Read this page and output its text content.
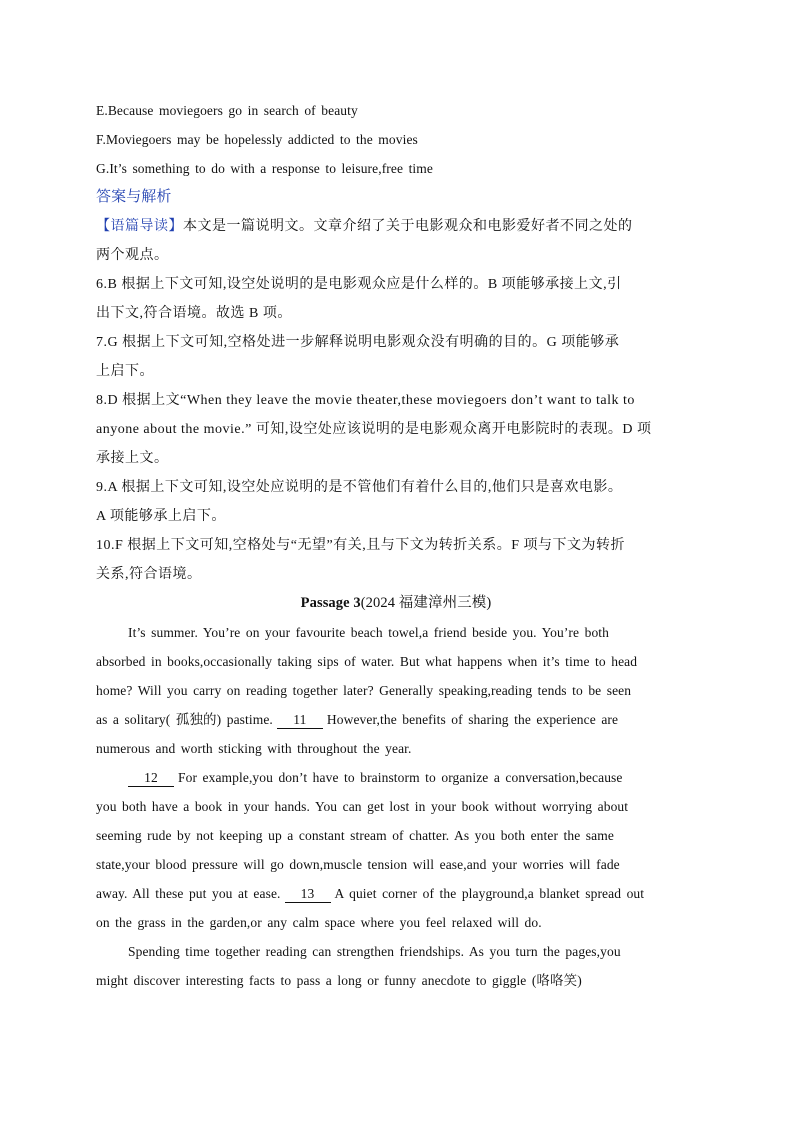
E.Because moviegoers go in search of beauty
F.Moviegoers may be hopelessly addicted to the movies
G.It’s something to do with a response to leisure,free time
答案与解析
【语篇导读】本文是一篇说明文。文章介绍了关于电影观众和电影爱好者不同之处的
两个观点。
6.B 根据上下文可知,设空处说明的是电影观众应是什么样的。B 项能够承接上文,引
出下文,符合语境。故选 B 项。
7.G 根据上下文可知,空格处进一步解释说明电影观众没有明确的目的。G 项能够承
上启下。
8.D 根据上文“When they leave the movie theater,these moviegoers don’t want to talk to
anyone about the movie.” 可知,设空处应该说明的是电影观众离开电影院时的表现。D 项
承接上文。
9.A 根据上下文可知,设空处应说明的是不管他们有着什么目的,他们只是喜欢电影。
A 项能够承上启下。
10.F 根据上下文可知,空格处与“无望”有关,且与下文为转折关系。F 项与下文为转折
关系,符合语境。
Passage 3(2024 福建漳州三模)
It’s summer. You’re on your favourite beach towel,a friend beside you. You’re both
absorbed in books,occasionally taking sips of water. But what happens when it’s time to head
home? Will you carry on reading together later? Generally speaking,reading tends to be seen
as a solitary( 孤独的) pastime. 11 However,the benefits of sharing the experience are
numerous and worth sticking with throughout the year.
12 For example,you don’t have to brainstorm to organize a conversation,because
you both have a book in your hands. You can get lost in your book without worrying about
seeming rude by not keeping up a constant stream of chatter. As you both enter the same
state,your blood pressure will go down,muscle tension will ease,and your worries will fade
away. All these put you at ease. 13 A quiet corner of the playground,a blanket spread out
on the grass in the garden,or any calm space where you feel relaxed will do.
Spending time together reading can strengthen friendships. As you turn the pages,you
might discover interesting facts to pass a long or funny anecdote to giggle (咯咯笑)
